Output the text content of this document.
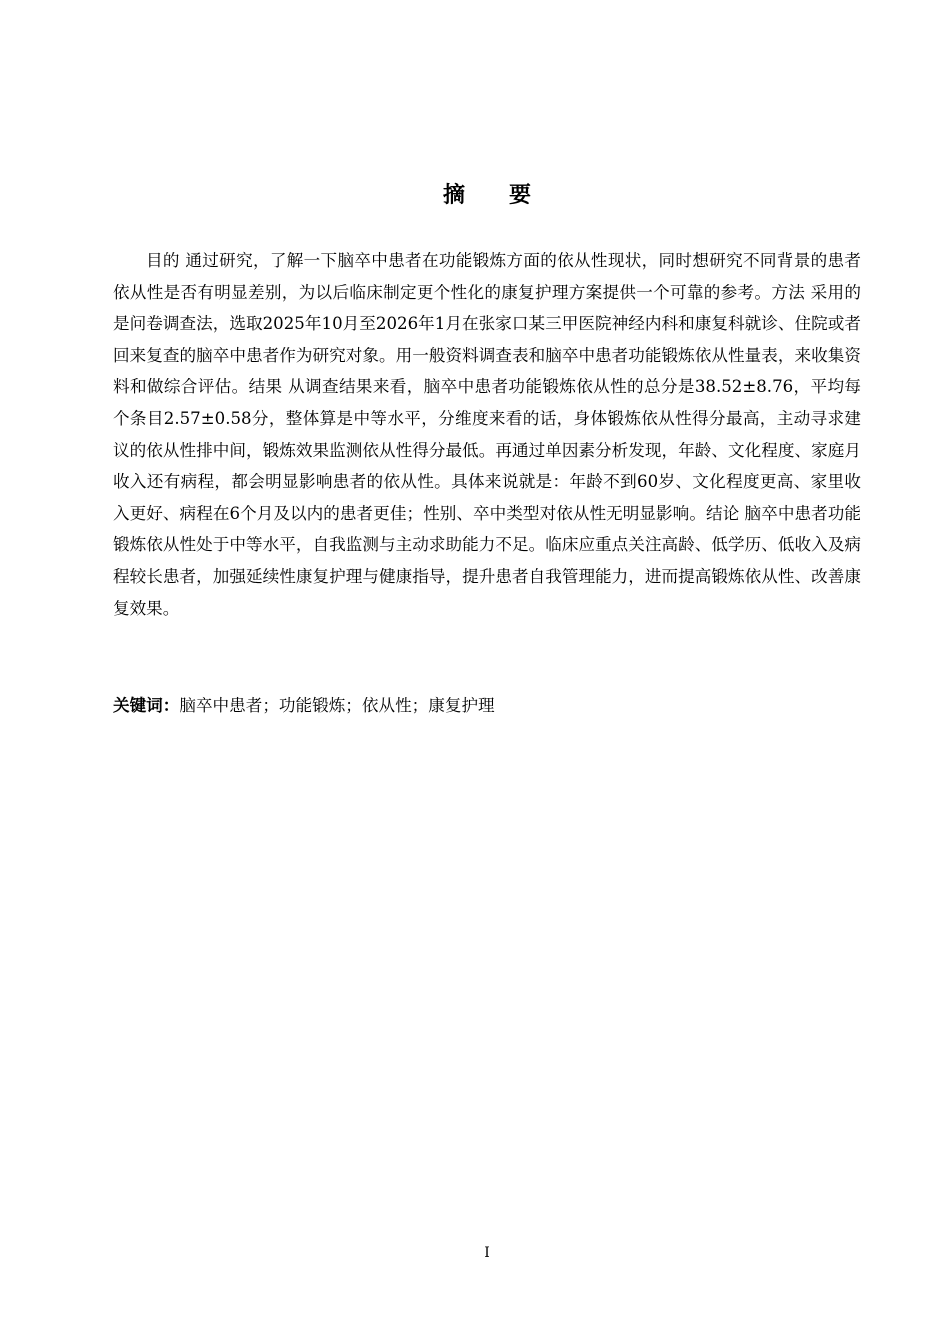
摘 要

目的 通过研究，了解一下脑卒中患者在功能锻炼方面的依从性现状，同时想研究不同背景的患者依从性是否有明显差别，为以后临床制定更个性化的康复护理方案提供一个可靠的参考。方法 采用的是问卷调查法，选取2025年10月至2026年1月在张家口某三甲医院神经内科和康复科就诊、住院或者回来复查的脑卒中患者作为研究对象。用一般资料调查表和脑卒中患者功能锻炼依从性量表，来收集资料和做综合评估。结果 从调查结果来看，脑卒中患者功能锻炼依从性的总分是38.52±8.76，平均每个条目2.57±0.58分，整体算是中等水平，分维度来看的话，身体锻炼依从性得分最高，主动寻求建议的依从性排中间，锻炼效果监测依从性得分最低。再通过单因素分析发现，年龄、文化程度、家庭月收入还有病程，都会明显影响患者的依从性。具体来说就是：年龄不到60岁、文化程度更高、家里收入更好、病程在6个月及以内的患者更佳；性别、卒中类型对依从性无明显影响。结论 脑卒中患者功能锻炼依从性处于中等水平，自我监测与主动求助能力不足。临床应重点关注高龄、低学历、低收入及病程较长患者，加强延续性康复护理与健康指导，提升患者自我管理能力，进而提高锻炼依从性、改善康复效果。

关键词：脑卒中患者；功能锻炼；依从性；康复护理

I
